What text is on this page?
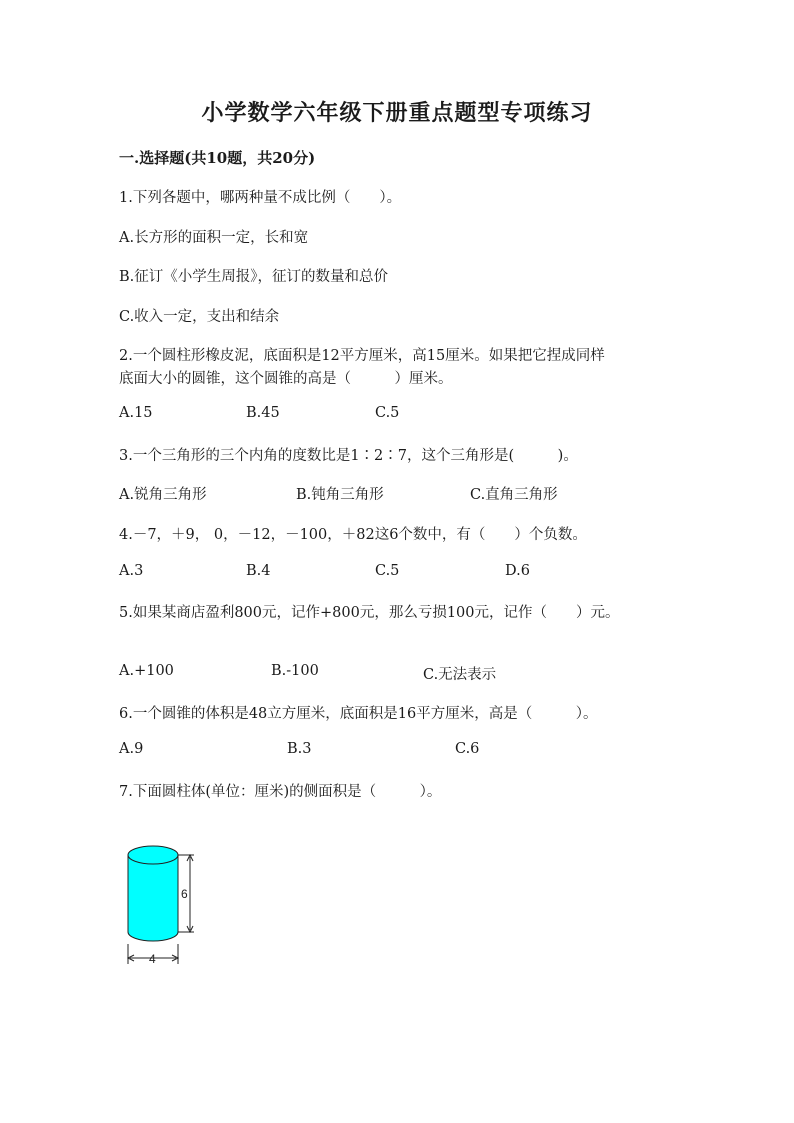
小学数学六年级下册重点题型专项练习
一.选择题(共10题，共20分)
1.下列各题中，哪两种量不成比例（　　）。
A.长方形的面积一定，长和宽
B.征订《小学生周报》，征订的数量和总价
C.收入一定，支出和结余
2.一个圆柱形橡皮泥，底面积是12平方厘米，高15厘米。如果把它捏成同样
底面大小的圆锥，这个圆锥的高是（　　　）厘米。
A.15	B.45	C.5
3.一个三角形的三个内角的度数比是1∶2∶7，这个三角形是(　　　)。
A.锐角三角形	B.钝角三角形	C.直角三角形
4.－7，＋9， 0，－12，－100，＋82这6个数中，有（　　）个负数。
A.3	B.4	C.5	D.6
5.如果某商店盈利800元，记作+800元，那么亏损100元，记作（　　）元。
A.+100	B.-100	C.无法表示
6.一个圆锥的体积是48立方厘米，底面积是16平方厘米，高是（　　　）。
A.9	B.3	C.6
7.下面圆柱体(单位：厘米)的侧面积是（　　　）。
6
4
